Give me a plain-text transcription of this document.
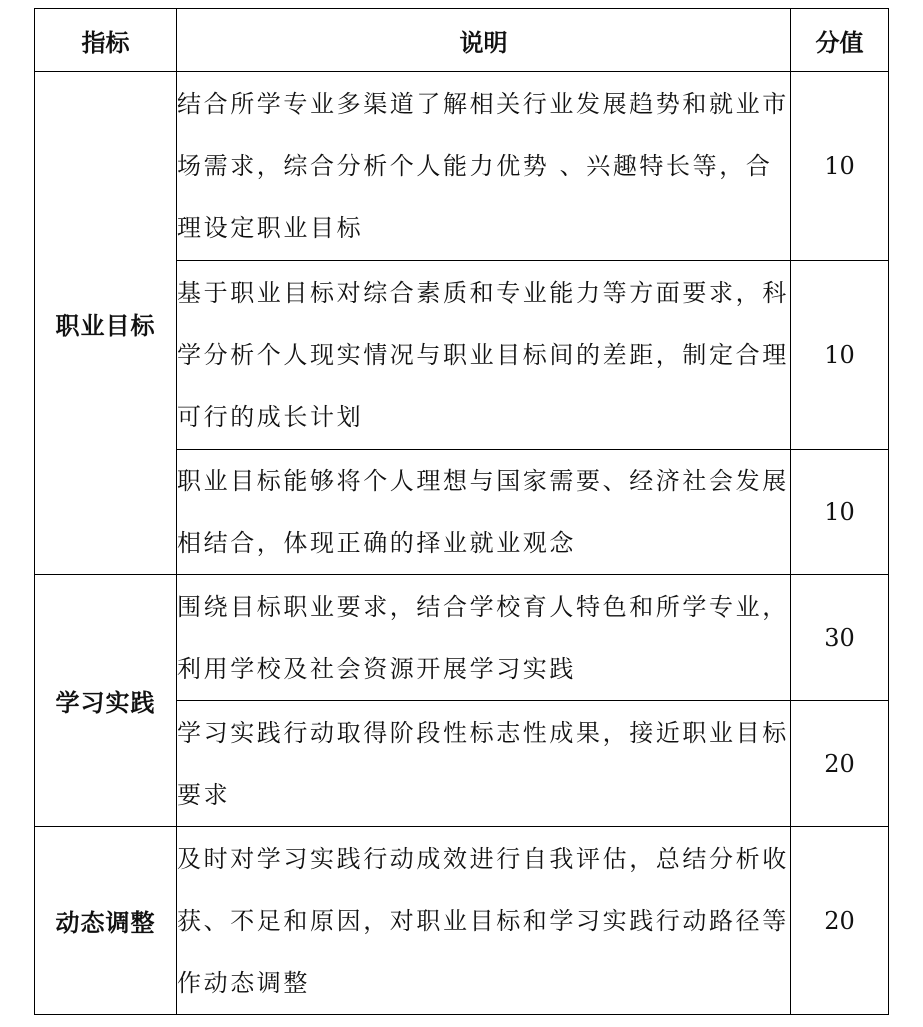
指标	说明	分值
职业目标	结合所学专业多渠道了解相关行业发展趋势和就业市场需求，综合分析个人能力优势 、兴趣特长等，合理设定职业目标	10
	基于职业目标对综合素质和专业能力等方面要求，科学分析个人现实情况与职业目标间的差距，制定合理可行的成长计划	10
	职业目标能够将个人理想与国家需要、经济社会发展相结合，体现正确的择业就业观念	10
学习实践	围绕目标职业要求，结合学校育人特色和所学专业，利用学校及社会资源开展学习实践	30
	学习实践行动取得阶段性标志性成果，接近职业目标要求	20
动态调整	及时对学习实践行动成效进行自我评估，总结分析收获、不足和原因，对职业目标和学习实践行动路径等作动态调整	20
